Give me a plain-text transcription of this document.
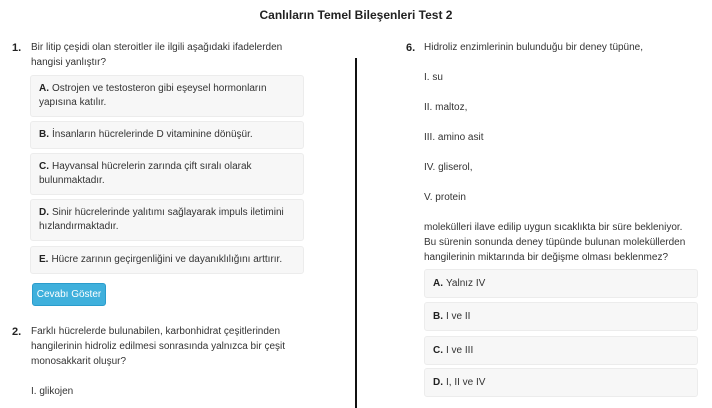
Canlıların Temel Bileşenleri Test 2
1. Bir litip çeşidi olan steroitler ile ilgili aşağıdaki ifadelerden hangisi yanlıştır?
A. Ostrojen ve testosteron gibi eşeysel hormonların yapısına katılır.
B. İnsanların hücrelerinde D vitaminine dönüşür.
C. Hayvansal hücrelerin zarında çift sıralı olarak bulunmaktadır.
D. Sinir hücrelerinde yalıtımı sağlayarak impuls iletimini hızlandırmaktadır.
E. Hücre zarının geçirgenliğini ve dayanıklılığını arttırır.
Cevabı Göster
2. Farklı hücrelerde bulunabilen, karbonhidrat çeşitlerinden hangilerinin hidroliz edilmesi sonrasında yalnızca bir çeşit monosakkarit oluşur?
I. glikojen
6. Hidroliz enzimlerinin bulunduğu bir deney tüpüne,
I. su
II. maltoz,
III. amino asit
IV. gliserol,
V. protein
molekülleri ilave edilip uygun sıcaklıkta bir süre bekleniyor. Bu sürenin sonunda deney tüpünde bulunan moleküllerden hangilerinin miktarında bir değişme olması beklenmez?
A. Yalnız IV
B. I ve II
C. I ve III
D. I, II ve IV
